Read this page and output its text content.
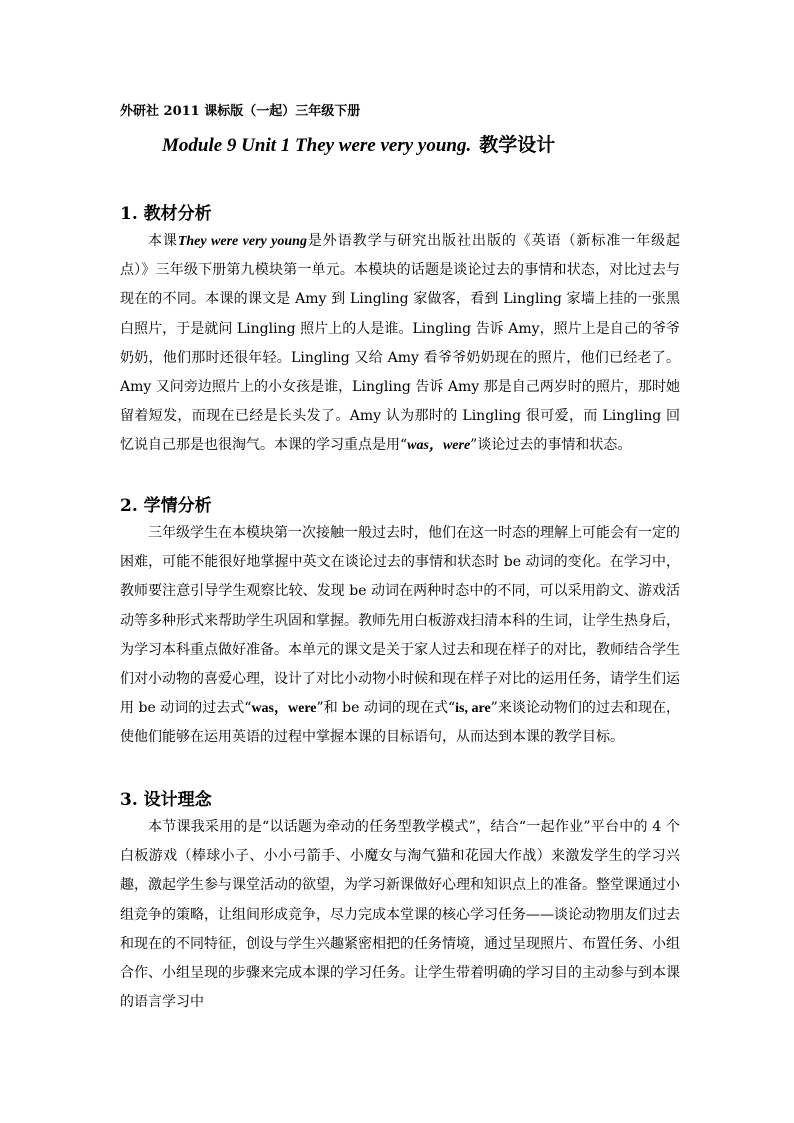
外研社 2011 课标版（一起）三年级下册
Module 9 Unit 1 They were very young. 教学设计
1. 教材分析

本课They were very young是外语教学与研究出版社出版的《英语（新标准一年级起点）》三年级下册第九模块第一单元。本模块的话题是谈论过去的事情和状态，对比过去与现在的不同。本课的课文是 Amy 到 Lingling 家做客，看到 Lingling 家墙上挂的一张黑白照片，于是就问 Lingling 照片上的人是谁。Lingling 告诉 Amy，照片上是自己的爷爷奶奶，他们那时还很年轻。Lingling 又给 Amy 看爷爷奶奶现在的照片，他们已经老了。Amy 又问旁边照片上的小女孩是谁，Lingling 告诉 Amy 那是自己两岁时的照片，那时她留着短发，而现在已经是长头发了。Amy 认为那时的 Lingling 很可爱，而 Lingling 回忆说自己那是也很淘气。本课的学习重点是用“was，were”谈论过去的事情和状态。

2. 学情分析

三年级学生在本模块第一次接触一般过去时，他们在这一时态的理解上可能会有一定的困难，可能不能很好地掌握中英文在谈论过去的事情和状态时 be 动词的变化。在学习中，教师要注意引导学生观察比较、发现 be 动词在两种时态中的不同，可以采用韵文、游戏活动等多种形式来帮助学生巩固和掌握。教师先用白板游戏扫清本科的生词，让学生热身后，为学习本科重点做好准备。本单元的课文是关于家人过去和现在样子的对比，教师结合学生们对小动物的喜爱心理，设计了对比小动物小时候和现在样子对比的运用任务，请学生们运用 be 动词的过去式“was，were”和 be 动词的现在式“is, are”来谈论动物们的过去和现在，使他们能够在运用英语的过程中掌握本课的目标语句，从而达到本课的教学目标。

3. 设计理念

本节课我采用的是“以话题为牵动的任务型教学模式”，结合“一起作业”平台中的 4 个白板游戏（棒球小子、小小弓箭手、小魔女与淘气猫和花园大作战）来激发学生的学习兴趣，激起学生参与课堂活动的欲望，为学习新课做好心理和知识点上的准备。整堂课通过小组竞争的策略，让组间形成竞争，尽力完成本堂课的核心学习任务——谈论动物朋友们过去和现在的不同特征，创设与学生兴趣紧密相把的任务情境，通过呈现照片、布置任务、小组合作、小组呈现的步骤来完成本课的学习任务。让学生带着明确的学习目的主动参与到本课的语言学习中
